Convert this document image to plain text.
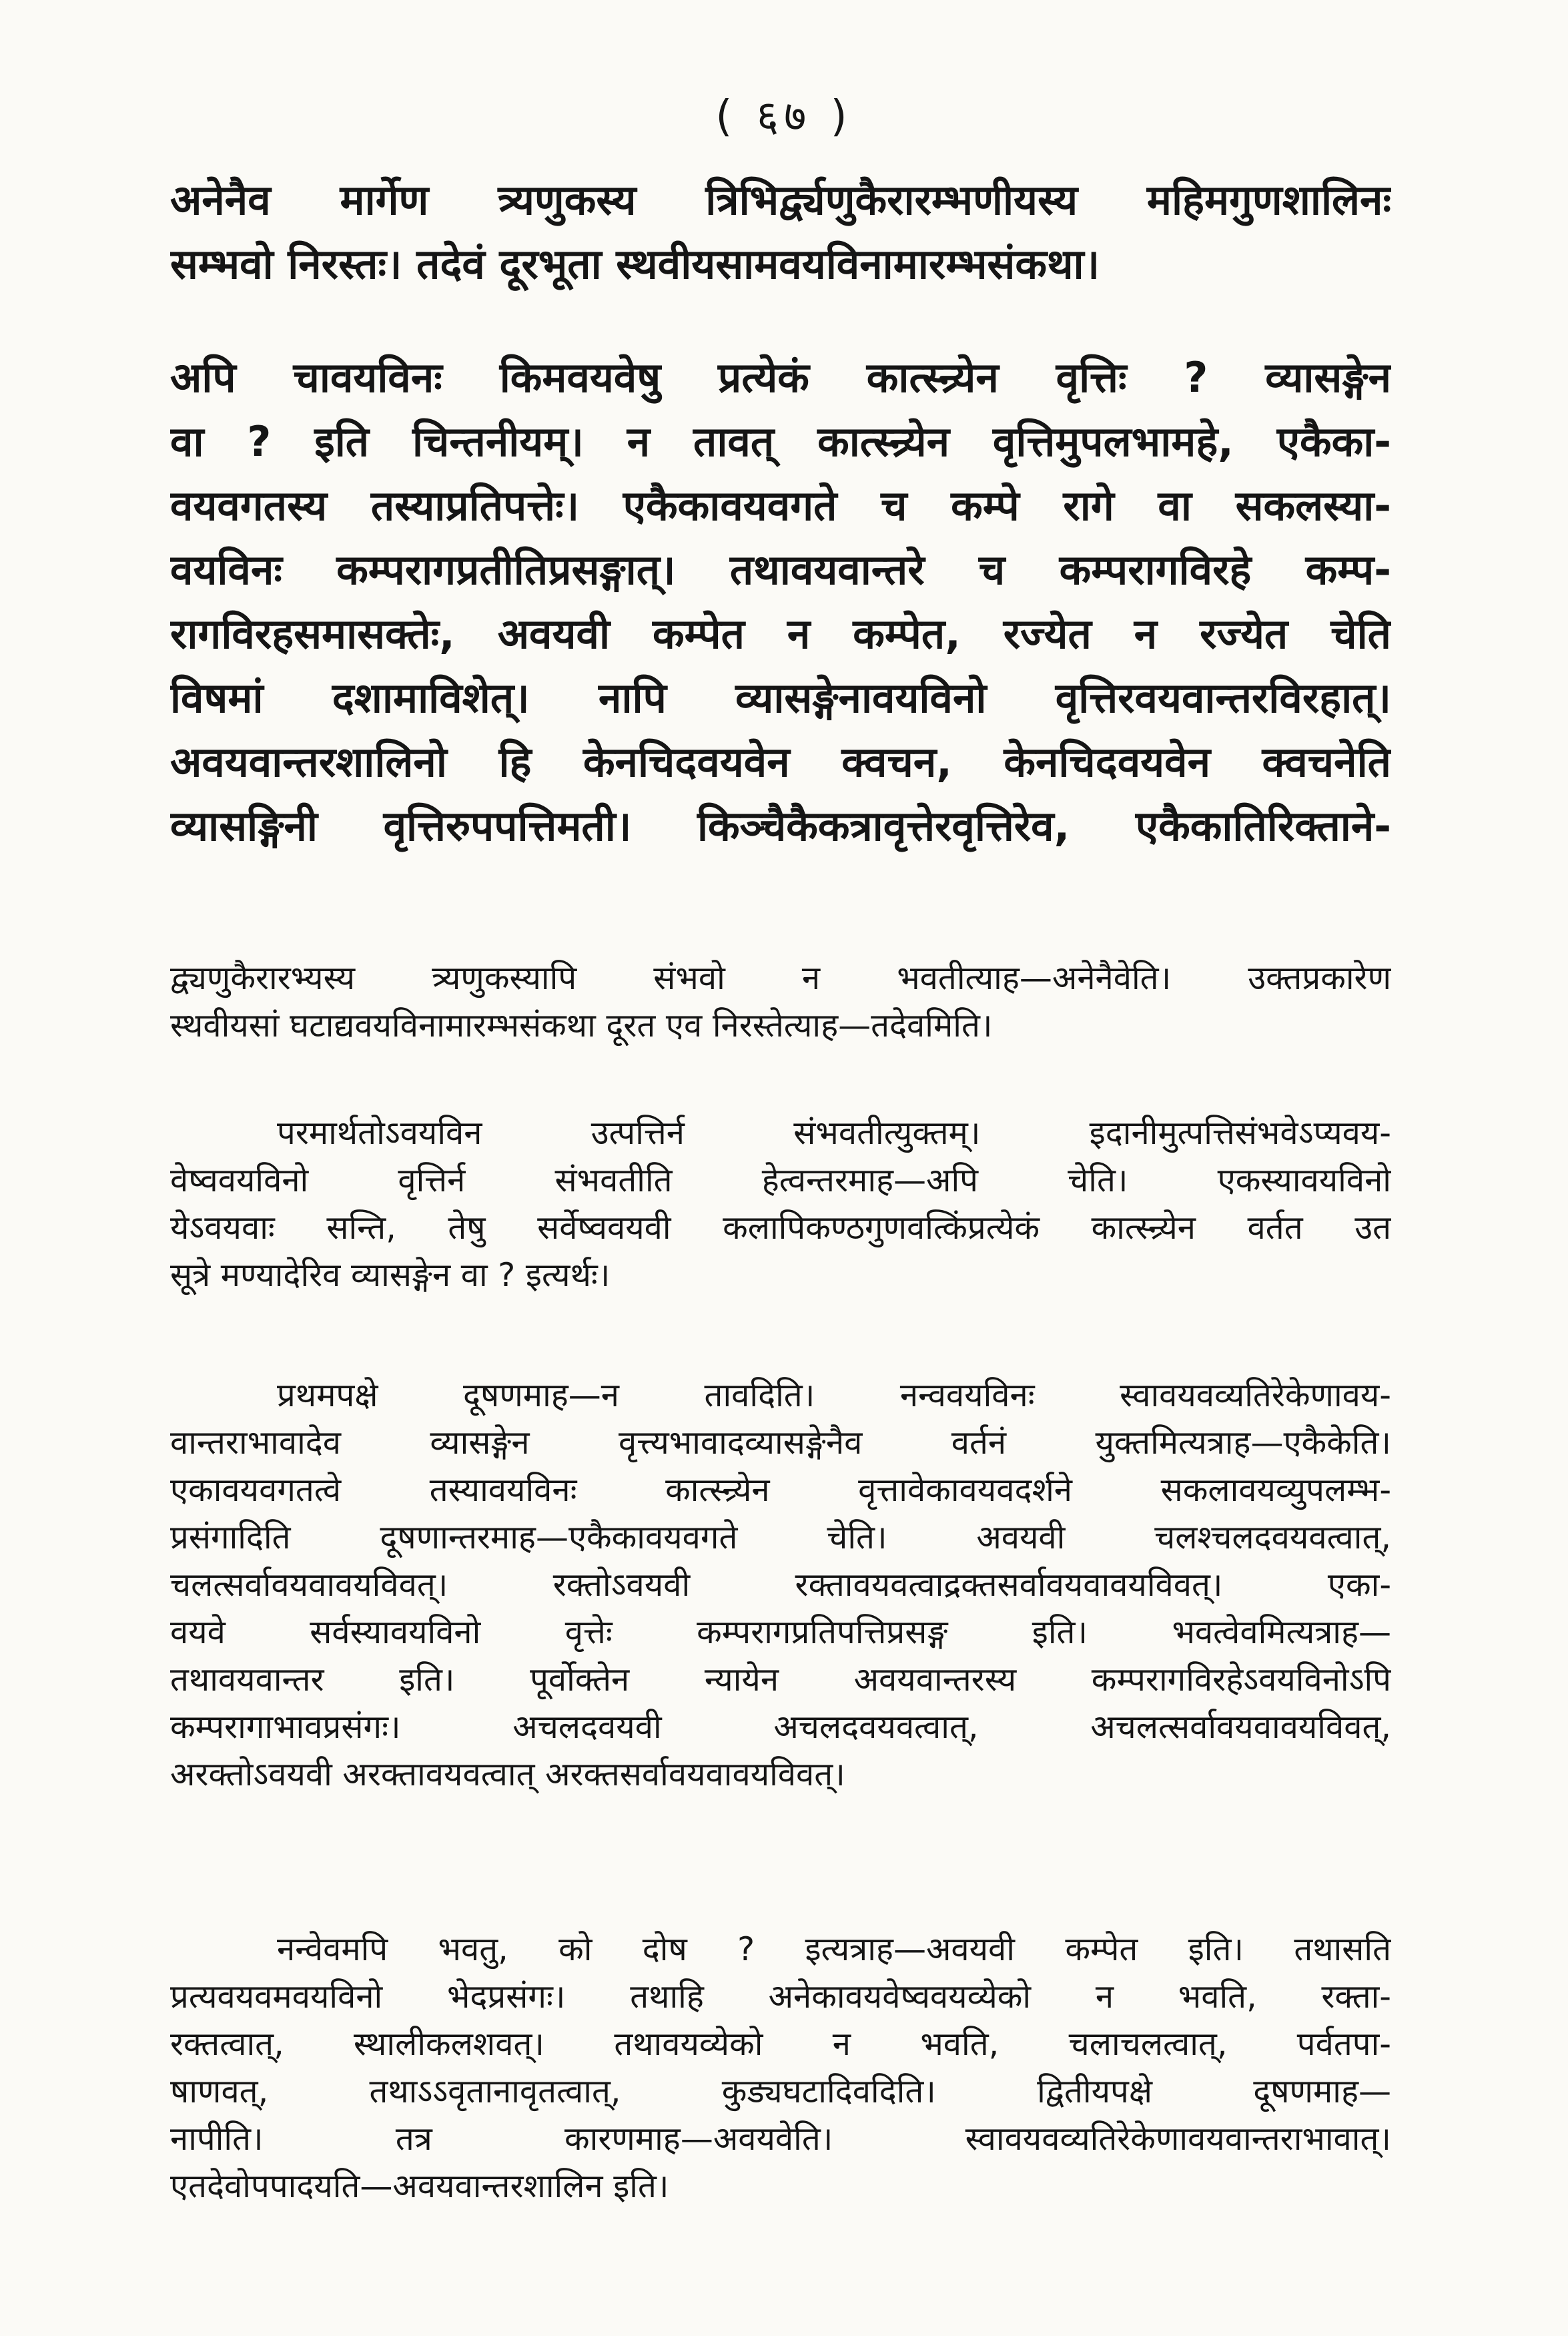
( ६७ )
अनेनैव मार्गेण त्र्यणुकस्य त्रिभिर्द्व्यणुकैरारम्भणीयस्य महिमगुणशालिनः
सम्भवो निरस्तः। तदेवं दूरभूता स्थवीयसामवयविनामारम्भसंकथा।
अपि चावयविनः किमवयवेषु प्रत्येकं कात्स्न्र्येन वृत्तिः ? व्यासङ्गेन
वा ? इति चिन्तनीयम्। न तावत् कात्स्न्र्येन वृत्तिमुपलभामहे, एकैका-
वयवगतस्य तस्याप्रतिपत्तेः। एकैकावयवगते च कम्पे रागे वा सकलस्या-
वयविनः कम्परागप्रतीतिप्रसङ्गात्। तथावयवान्तरे च कम्परागविरहे कम्प-
रागविरहसमासक्तेः, अवयवी कम्पेत न कम्पेत, रज्येत न रज्येत चेति
विषमां दशामाविशेत्। नापि व्यासङ्गेनावयविनो वृत्तिरवयवान्तरविरहात्।
अवयवान्तरशालिनो हि केनचिदवयवेन क्वचन, केनचिदवयवेन क्वचनेति
व्यासङ्गिनी वृत्तिरुपपत्तिमती। किञ्चैकैकत्रावृत्तेरवृत्तिरेव, एकैकातिरिक्ताने-
द्व्यणुकैरारभ्यस्य त्र्यणुकस्यापि संभवो न भवतीत्याह—अनेनैवेति। उक्तप्रकारेण
स्थवीयसां घटाद्यवयविनामारम्भसंकथा दूरत एव निरस्तेत्याह—तदेवमिति।
परमार्थतोऽवयविन उत्पत्तिर्न संभवतीत्युक्तम्। इदानीमुत्पत्तिसंभवेऽप्यवय-
वेष्ववयविनो वृत्तिर्न संभवतीति हेत्वन्तरमाह—अपि चेति। एकस्यावयविनो
येऽवयवाः सन्ति, तेषु सर्वेष्ववयवी कलापिकण्ठगुणवत्किंप्रत्येकं कात्स्न्र्येन वर्तत उत
सूत्रे मण्यादेरिव व्यासङ्गेन वा ? इत्यर्थः।
प्रथमपक्षे दूषणमाह—न तावदिति। नन्ववयविनः स्वावयवव्यतिरेकेणावय-
वान्तराभावादेव व्यासङ्गेन वृत्त्यभावादव्यासङ्गेनैव वर्तनं युक्तमित्यत्राह—एकैकेति।
एकावयवगतत्वे तस्यावयविनः कात्स्न्र्येन वृत्तावेकावयवदर्शने सकलावयव्युपलम्भ-
प्रसंगादिति दूषणान्तरमाह—एकैकावयवगते चेति। अवयवी चलश्चलदवयवत्वात्,
चलत्सर्वावयवावयविवत्। रक्तोऽवयवी रक्तावयवत्वाद्रक्तसर्वावयवावयविवत्। एका-
वयवे सर्वस्यावयविनो वृत्तेः कम्परागप्रतिपत्तिप्रसङ्ग इति। भवत्वेवमित्यत्राह—
तथावयवान्तर इति। पूर्वोक्तेन न्यायेन अवयवान्तरस्य कम्परागविरहेऽवयविनोऽपि
कम्परागाभावप्रसंगः। अचलदवयवी अचलदवयवत्वात्, अचलत्सर्वावयवावयविवत्,
अरक्तोऽवयवी अरक्तावयवत्वात् अरक्तसर्वावयवावयविवत्।
नन्वेवमपि भवतु, को दोष ? इत्यत्राह—अवयवी कम्पेत इति। तथासति
प्रत्यवयवमवयविनो भेदप्रसंगः। तथाहि अनेकावयवेष्ववयव्येको न भवति, रक्ता-
रक्तत्वात्, स्थालीकलशवत्। तथावयव्येको न भवति, चलाचलत्वात्, पर्वतपा-
षाणवत्, तथाऽऽवृतानावृतत्वात्, कुड्यघटादिवदिति। द्वितीयपक्षे दूषणमाह—
नापीति। तत्र कारणमाह—अवयवेति। स्वावयवव्यतिरेकेणावयवान्तराभावात्।
एतदेवोपपादयति—अवयवान्तरशालिन इति।
